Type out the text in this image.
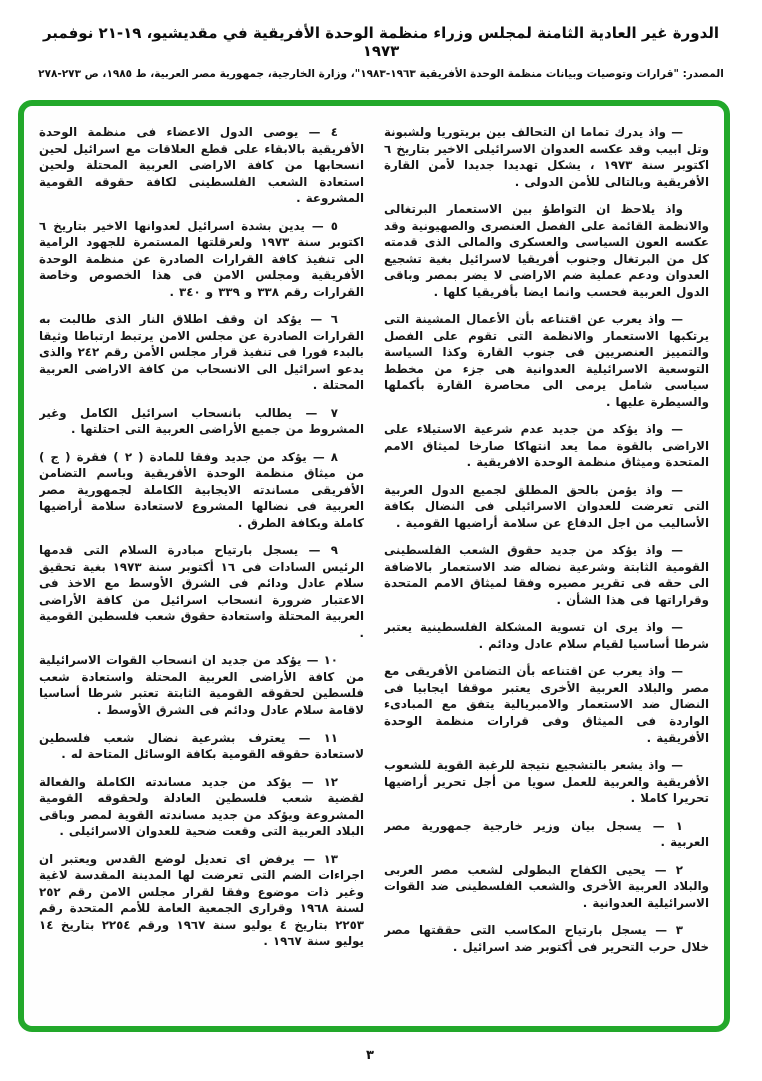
الدورة غير العادية الثامنة لمجلس وزراء منظمة الوحدة الأفريقية في مقديشيو، ١٩-٢١ نوفمبر ١٩٧٣
المصدر: "قرارات وتوصيات وبيانات منظمة الوحدة الأفريقية ١٩٦٣-١٩٨٣"، وزارة الخارجية، جمهورية مصر العربية، ط ١٩٨٥، ص ٢٧٣-٢٧٨

— واذ يدرك تماما ان التحالف بين بريتوريا ولشبونة وتل ابيب وقد عكسه العدوان الاسرائيلى الاخير بتاريخ ٦ اكتوبر سنة ١٩٧٣ ، يشكل تهديدا جديدا لأمن القارة الأفريقية وبالتالى للأمن الدولى .

واذ يلاحظ ان التواطؤ بين الاستعمار البرتغالى والانظمة القائمة على الفصل العنصرى والصهيونية وقد عكسه العون السياسى والعسكرى والمالى الذى قدمته كل من البرتغال وجنوب أفريقيا لاسرائيل بغية تشجيع العدوان ودعم عملية ضم الاراضى لا يضر بمصر وباقى الدول العربية فحسب وانما ايضا بأفريقيا كلها .

— واذ يعرب عن اقتناعه بأن الأعمال المشينة التى يرتكبها الاستعمار والانظمة التى تقوم على الفصل والتمييز العنصريين فى جنوب القارة وكذا السياسة التوسعية الاسرائيلية العدوانية هى جزء من مخطط سياسى شامل يرمى الى محاصرة القارة بأكملها والسيطرة عليها .

— واذ يؤكد من جديد عدم شرعية الاستيلاء على الاراضى بالقوة مما يعد انتهاكا صارخا لميثاق الامم المتحدة وميثاق منظمة الوحدة الافريقية .

— واذ يؤمن بالحق المطلق لجميع الدول العربية التى تعرضت للعدوان الاسرائيلى فى النضال بكافة الأساليب من اجل الدفاع عن سلامة أراضيها القومية .

— واذ يؤكد من جديد حقوق الشعب الفلسطينى القومية الثابتة وشرعية نضاله ضد الاستعمار بالاضافة الى حقه فى تقرير مصيره وفقا لميثاق الامم المتحدة وقراراتها فى هذا الشأن .

— واذ يرى ان تسوية المشكلة الفلسطينية يعتبر شرطا أساسيا لقيام سلام عادل ودائم .

— واذ يعرب عن اقتناعه بأن التضامن الأفريقى مع مصر والبلاد العربية الأخرى يعتبر موقفا ايجابيا فى النضال ضد الاستعمار والامبريالية يتفق مع المبادىء الواردة فى الميثاق وفى قرارات منظمة الوحدة الأفريقية .

— واذ يشعر بالتشجيع نتيجة للرغبة القوية للشعوب الأفريقية والعربية للعمل سويا من أجل تحرير أراضيها تحريرا كاملا .

١ — يسجل بيان وزير خارجية جمهورية مصر العربية .

٢ — يحيى الكفاح البطولى لشعب مصر العربى والبلاد العربية الأخرى والشعب الفلسطينى ضد القوات الاسرائيلية العدوانية .

٣ — يسجل بارتياح المكاسب التى حققتها مصر خلال حرب التحرير فى أكتوبر ضد اسرائيل .

٤ — يوصى الدول الاعضاء فى منظمة الوحدة الأفريقية بالابقاء على قطع العلاقات مع اسرائيل لحين انسحابها من كافة الاراضى العربية المحتلة ولحين استعادة الشعب الفلسطينى لكافة حقوقه القومية المشروعة .

٥ — يدين بشدة اسرائيل لعدوانها الاخير بتاريخ ٦ اكتوبر سنة ١٩٧٣ ولعرقلتها المستمرة للجهود الرامية الى تنفيذ كافة القرارات الصادرة عن منظمة الوحدة الأفريقية ومجلس الامن فى هذا الخصوص وخاصة القرارات رقم ٣٣٨ و ٣٣٩ و ٣٤٠ .

٦ — يؤكد ان وقف اطلاق النار الذى طالبت به القرارات الصادرة عن مجلس الامن يرتبط ارتباطا وثيقا بالبدء فورا فى تنفيذ قرار مجلس الأمن رقم ٢٤٢ والذى يدعو اسرائيل الى الانسحاب من كافة الاراضى العربية المحتلة .

٧ — يطالب بانسحاب اسرائيل الكامل وغير المشروط من جميع الأراضى العربية التى احتلتها .

٨ — يؤكد من جديد وفقا للمادة ( ٢ ) فقرة ( ج ) من ميثاق منظمة الوحدة الأفريقية وباسم التضامن الأفريقى مساندته الايجابية الكاملة لجمهورية مصر العربية فى نضالها المشروع لاستعادة سلامة أراضيها كاملة وبكافة الطرق .

٩ — يسجل بارتياح مبادرة السلام التى قدمها الرئيس السادات فى ١٦ أكتوبر سنة ١٩٧٣ بغية تحقيق سلام عادل ودائم فى الشرق الأوسط مع الاخذ فى الاعتبار ضرورة انسحاب اسرائيل من كافة الأراضى العربية المحتلة واستعادة حقوق شعب فلسطين القومية .

١٠ — يؤكد من جديد ان انسحاب القوات الاسرائيلية من كافة الأراضى العربية المحتلة واستعادة شعب فلسطين لحقوقه القومية الثابتة تعتبر شرطا أساسيا لاقامة سلام عادل ودائم فى الشرق الأوسط .

١١ — يعترف بشرعية نضال شعب فلسطين لاستعادة حقوقه القومية بكافة الوسائل المتاحة له .

١٢ — يؤكد من جديد مساندته الكاملة والفعالة لقضية شعب فلسطين العادلة ولحقوقه القومية المشروعة ويؤكد من جديد مساندته القوية لمصر وباقى البلاد العربية التى وقعت ضحية للعدوان الاسرائيلى .

١٣ — يرفض اى تعديل لوضع القدس ويعتبر ان اجراءات الضم التى تعرضت لها المدينة المقدسة لاغية وغير ذات موضوع وفقا لقرار مجلس الامن رقم ٢٥٢ لسنة ١٩٦٨ وقرارى الجمعية العامة للأمم المتحدة رقم ٢٢٥٣ بتاريخ ٤ يوليو سنة ١٩٦٧ ورقم ٢٢٥٤ بتاريخ ١٤ يوليو سنة ١٩٦٧ .

٣
